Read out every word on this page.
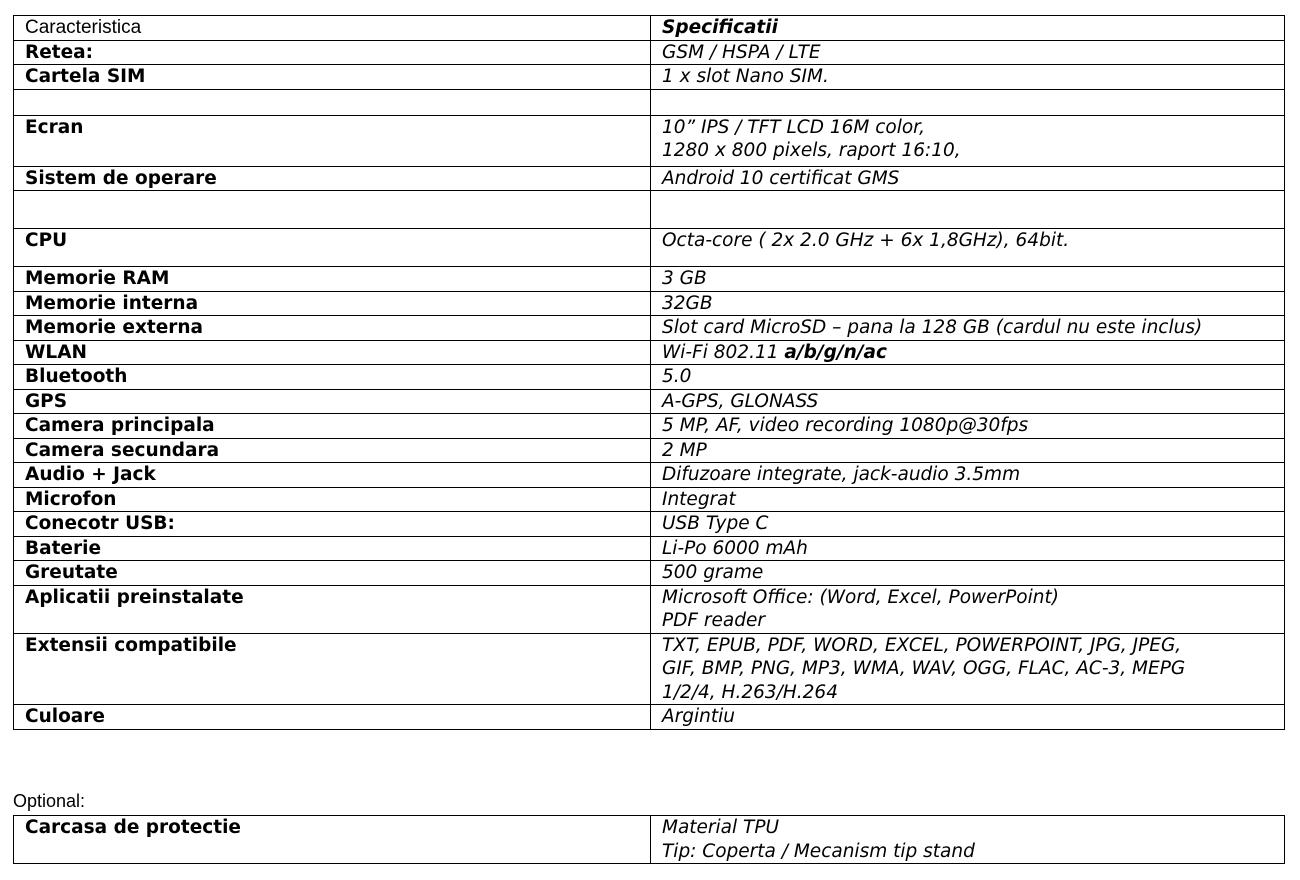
Caracteristica	Specificatii
Retea:	GSM / HSPA / LTE

Cartela SIM	1 x slot Nano SIM.

Ecran	10” IPS / TFT LCD 16M color,
1280 x 800 pixels, raport 16:10,

Sistem de operare	Android 10 certificat GMS

CPU	Octa-core ( 2x 2.0 GHz + 6x 1,8GHz), 64bit.

Memorie RAM	3 GB

Memorie interna	32GB

Memorie externa	Slot card MicroSD – pana la 128 GB (cardul nu este inclus)

WLAN	Wi-Fi 802.11 a/b/g/n/ac
Bluetooth	5.0

GPS	A-GPS, GLONASS

Camera principala	5 MP, AF, video recording 1080p@30fps

Camera secundara	2 MP

Audio + Jack	Difuzoare integrate, jack-audio 3.5mm

Microfon	Integrat

Conecotr USB:	USB Type C

Baterie	Li-Po 6000 mAh

Greutate	500 grame

Aplicatii preinstalate	Microsoft Office: (Word, Excel, PowerPoint)
PDF reader

Extensii compatibile	TXT, EPUB, PDF, WORD, EXCEL, POWERPOINT, JPG, JPEG,
GIF, BMP, PNG, MP3, WMA, WAV, OGG, FLAC, AC-3, MEPG
1/2/4, H.263/H.264

Culoare	Argintiu
Optional:
Carcasa de protectie	Material TPU
Tip: Coperta / Mecanism tip stand
